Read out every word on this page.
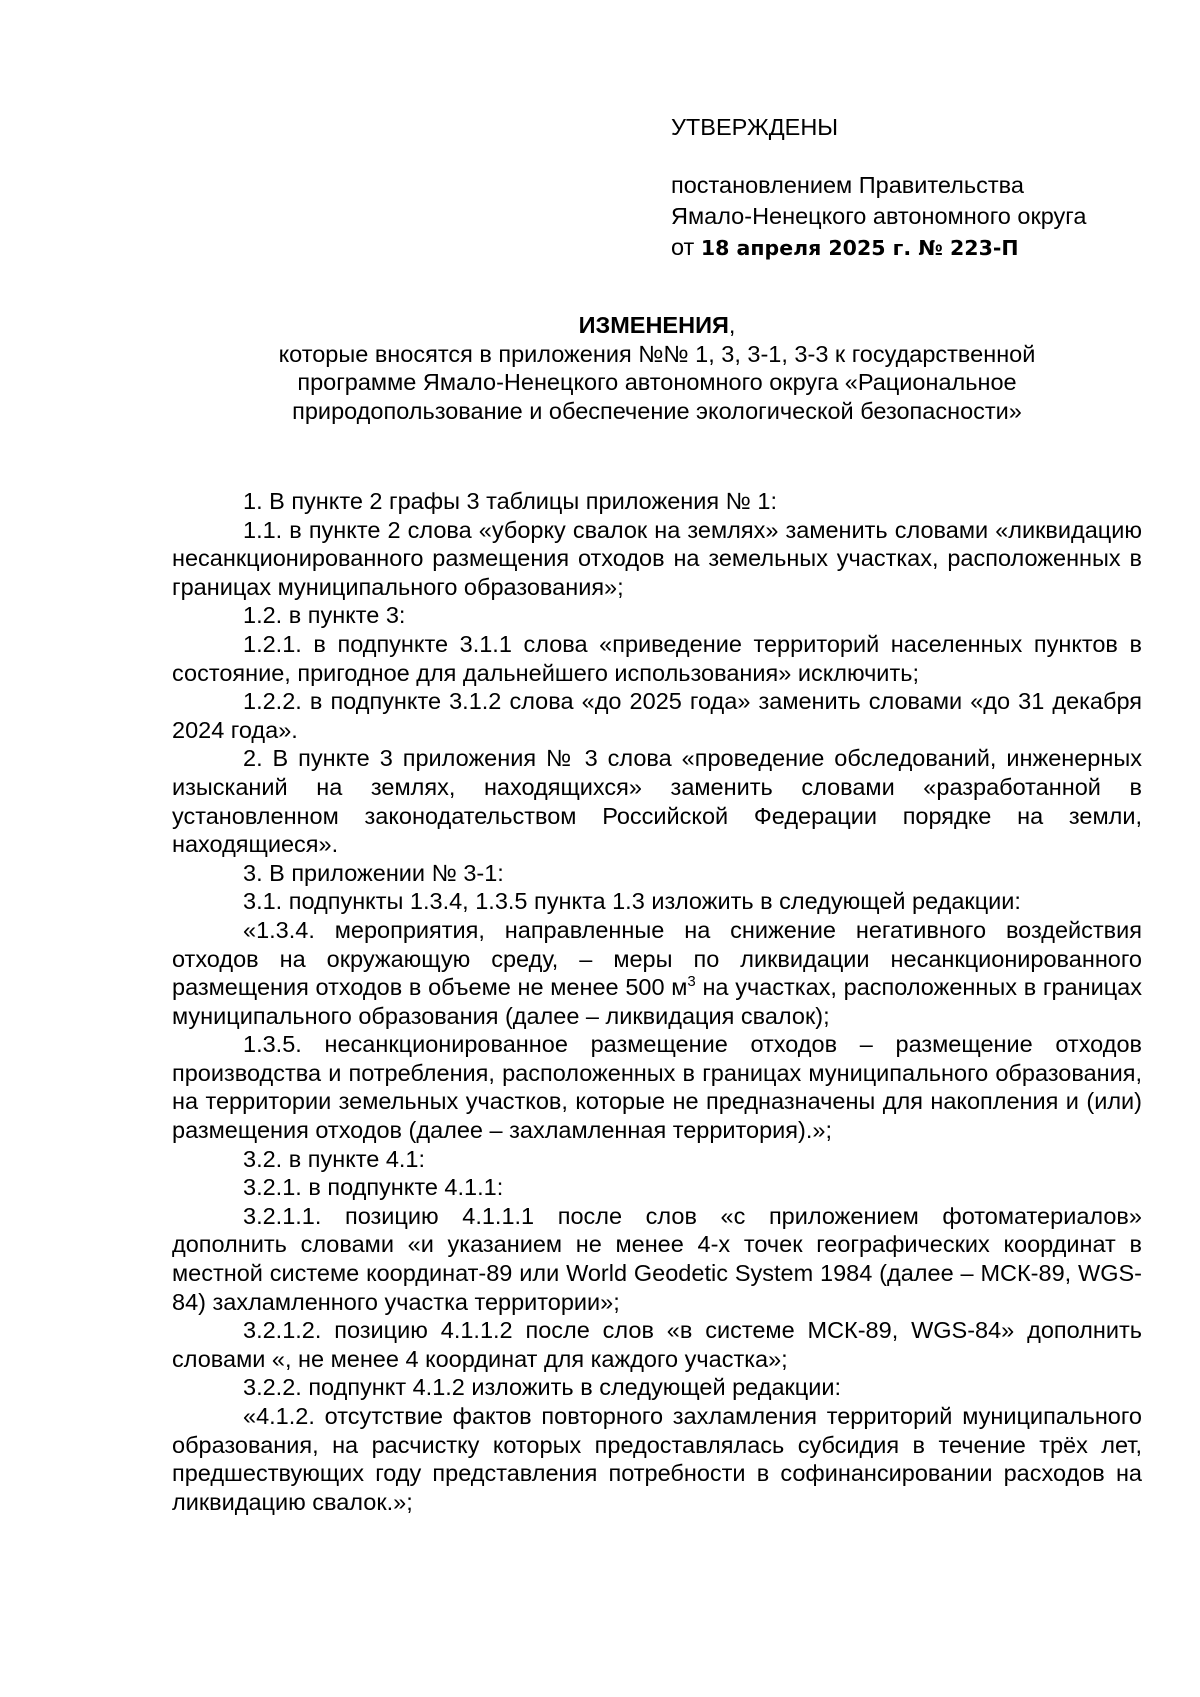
УТВЕРЖДЕНЫ
постановлением Правительства
Ямало-Ненецкого автономного округа
от 18 апреля 2025 г. № 223-П
ИЗМЕНЕНИЯ,
которые вносятся в приложения №№ 1, 3, 3-1, 3-3 к государственной
программе Ямало-Ненецкого автономного округа «Рациональное
природопользование и обеспечение экологической безопасности»

1. В пункте 2 графы 3 таблицы приложения № 1:

1.1. в пункте 2 слова «уборку свалок на землях» заменить словами «ликвидацию несанкционированного размещения отходов на земельных участках, расположенных в границах муниципального образования»;

1.2. в пункте 3:

1.2.1. в подпункте 3.1.1 слова «приведение территорий населенных пунктов в состояние, пригодное для дальнейшего использования» исключить;

1.2.2. в подпункте 3.1.2 слова «до 2025 года» заменить словами «до 31 декабря 2024 года».

2. В пункте 3 приложения № 3 слова «проведение обследований, инженерных изысканий на землях, находящихся» заменить словами «разработанной в установленном законодательством Российской Федерации порядке на земли, находящиеся».

3. В приложении № 3-1:

3.1. подпункты 1.3.4, 1.3.5 пункта 1.3 изложить в следующей редакции:

«1.3.4. мероприятия, направленные на снижение негативного воздействия отходов на окружающую среду, – меры по ликвидации несанкционированного размещения отходов в объеме не менее 500 $м^3$ на участках, расположенных в границах муниципального образования (далее – ликвидация свалок);

1.3.5. несанкционированное размещение отходов – размещение отходов производства и потребления, расположенных в границах муниципального образования, на территории земельных участков, которые не предназначены для накопления и (или) размещения отходов (далее – захламленная территория).»;

3.2. в пункте 4.1:

3.2.1. в подпункте 4.1.1:

3.2.1.1. позицию 4.1.1.1 после слов «с приложением фотоматериалов» дополнить словами «и указанием не менее 4-х точек географических координат в местной системе координат-89 или World Geodetic System 1984 (далее – МСК-89, WGS-84) захламленного участка территории»;

3.2.1.2. позицию 4.1.1.2 после слов «в системе МСК-89, WGS-84» дополнить словами «, не менее 4 координат для каждого участка»;

3.2.2. подпункт 4.1.2 изложить в следующей редакции:

«4.1.2. отсутствие фактов повторного захламления территорий муниципального образования, на расчистку которых предоставлялась субсидия в течение трёх лет, предшествующих году представления потребности в софинансировании расходов на ликвидацию свалок.»;
